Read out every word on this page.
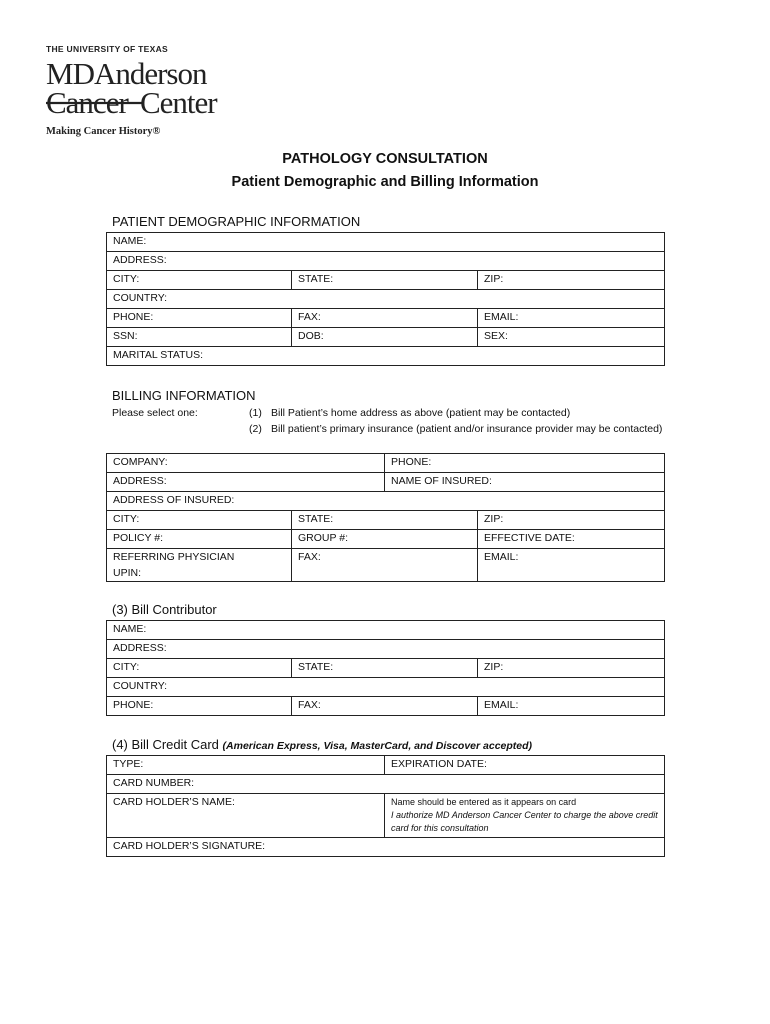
THE UNIVERSITY OF TEXAS
MDAnderson
Cancer Center
Making Cancer History®
PATHOLOGY CONSULTATION
Patient Demographic and Billing Information
PATIENT DEMOGRAPHIC INFORMATION
NAME:		
ADDRESS:		
CITY:	STATE:	ZIP:
COUNTRY:		
PHONE:	FAX:	EMAIL:
SSN:	DOB:	SEX:
MARITAL STATUS:		
BILLING INFORMATION
Please select one:	(1) Bill Patient’s home address as above (patient may be contacted)
(2) Bill patient’s primary insurance (patient and/or insurance provider may be contacted)
COMPANY:		PHONE:	
ADDRESS:		NAME OF INSURED:	
ADDRESS OF INSURED:			
CITY:	STATE:		ZIP:
POLICY #:	GROUP #:		EFFECTIVE DATE:

REFERRING PHYSICIAN
UPIN:	FAX:		EMAIL:
(3) Bill Contributor
NAME:		
ADDRESS:		
CITY:	STATE:	ZIP:
COUNTRY:		
PHONE:	FAX:	EMAIL:
(4) Bill Credit Card (American Express, Visa, MasterCard, and Discover accepted)
TYPE:	EXPIRATION DATE:
CARD NUMBER:	
CARD HOLDER’S NAME:	Name should be entered as it appears on card
I authorize MD Anderson Cancer Center to charge the above credit card for this consultation

CARD HOLDER’S SIGNATURE:	
